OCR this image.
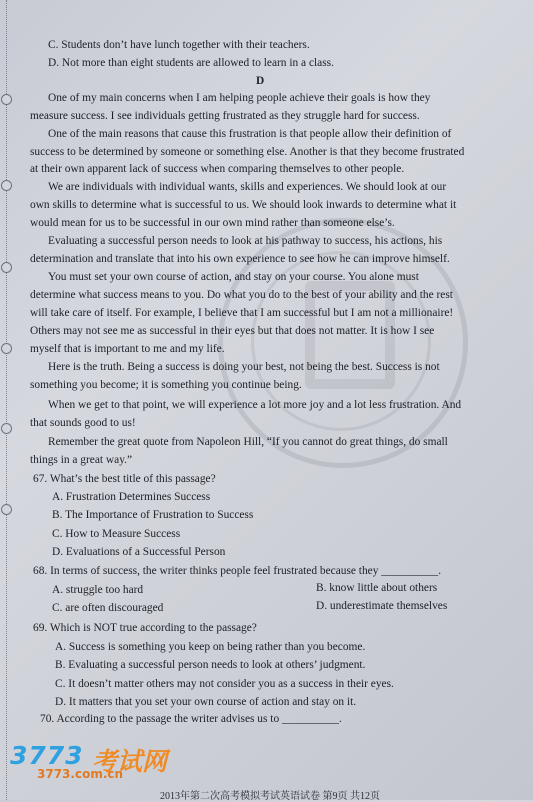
C. Students don’t have lunch together with their teachers.
D. Not more than eight students are allowed to learn in a class.
D
One of my main concerns when I am helping people achieve their goals is how they
measure success. I see individuals getting frustrated as they struggle hard for success.
One of the main reasons that cause this frustration is that people allow their definition of
success to be determined by someone or something else. Another is that they become frustrated
at their own apparent lack of success when comparing themselves to other people.
We are individuals with individual wants, skills and experiences. We should look at our
own skills to determine what is successful to us. We should look inwards to determine what it
would mean for us to be successful in our own mind rather than someone else’s.
Evaluating a successful person needs to look at his pathway to success, his actions, his
determination and translate that into his own experience to see how he can improve himself.
You must set your own course of action, and stay on your course. You alone must
determine what success means to you. Do what you do to the best of your ability and the rest
will take care of itself. For example, I believe that I am successful but I am not a millionaire!
Others may not see me as successful in their eyes but that does not matter. It is how I see
myself that is important to me and my life.
Here is the truth. Being a success is doing your best, not being the best. Success is not
something you become; it is something you continue being.
When we get to that point, we will experience a lot more joy and a lot less frustration. And
that sounds good to us!
Remember the great quote from Napoleon Hill, “If you cannot do great things, do small
things in a great way.”
67. What’s the best title of this passage?
A. Frustration Determines Success
B. The Importance of Frustration to Success
C. How to Measure Success
D. Evaluations of a Successful Person
68. In terms of success, the writer thinks people feel frustrated because they __________.
A. struggle too hard	B. know little about others
C. are often discouraged	D. underestimate themselves
69. Which is NOT true according to the passage?
A. Success is something you keep on being rather than you become.
B. Evaluating a successful person needs to look at others’ judgment.
C. It doesn’t matter others may not consider you as a success in their eyes.
D. It matters that you set your own course of action and stay on it.
70. According to the passage the writer advises us to __________.
3773 考试网
3773.com.cn
2013年第二次高考模拟考试英语试卷 第9页 共12页
